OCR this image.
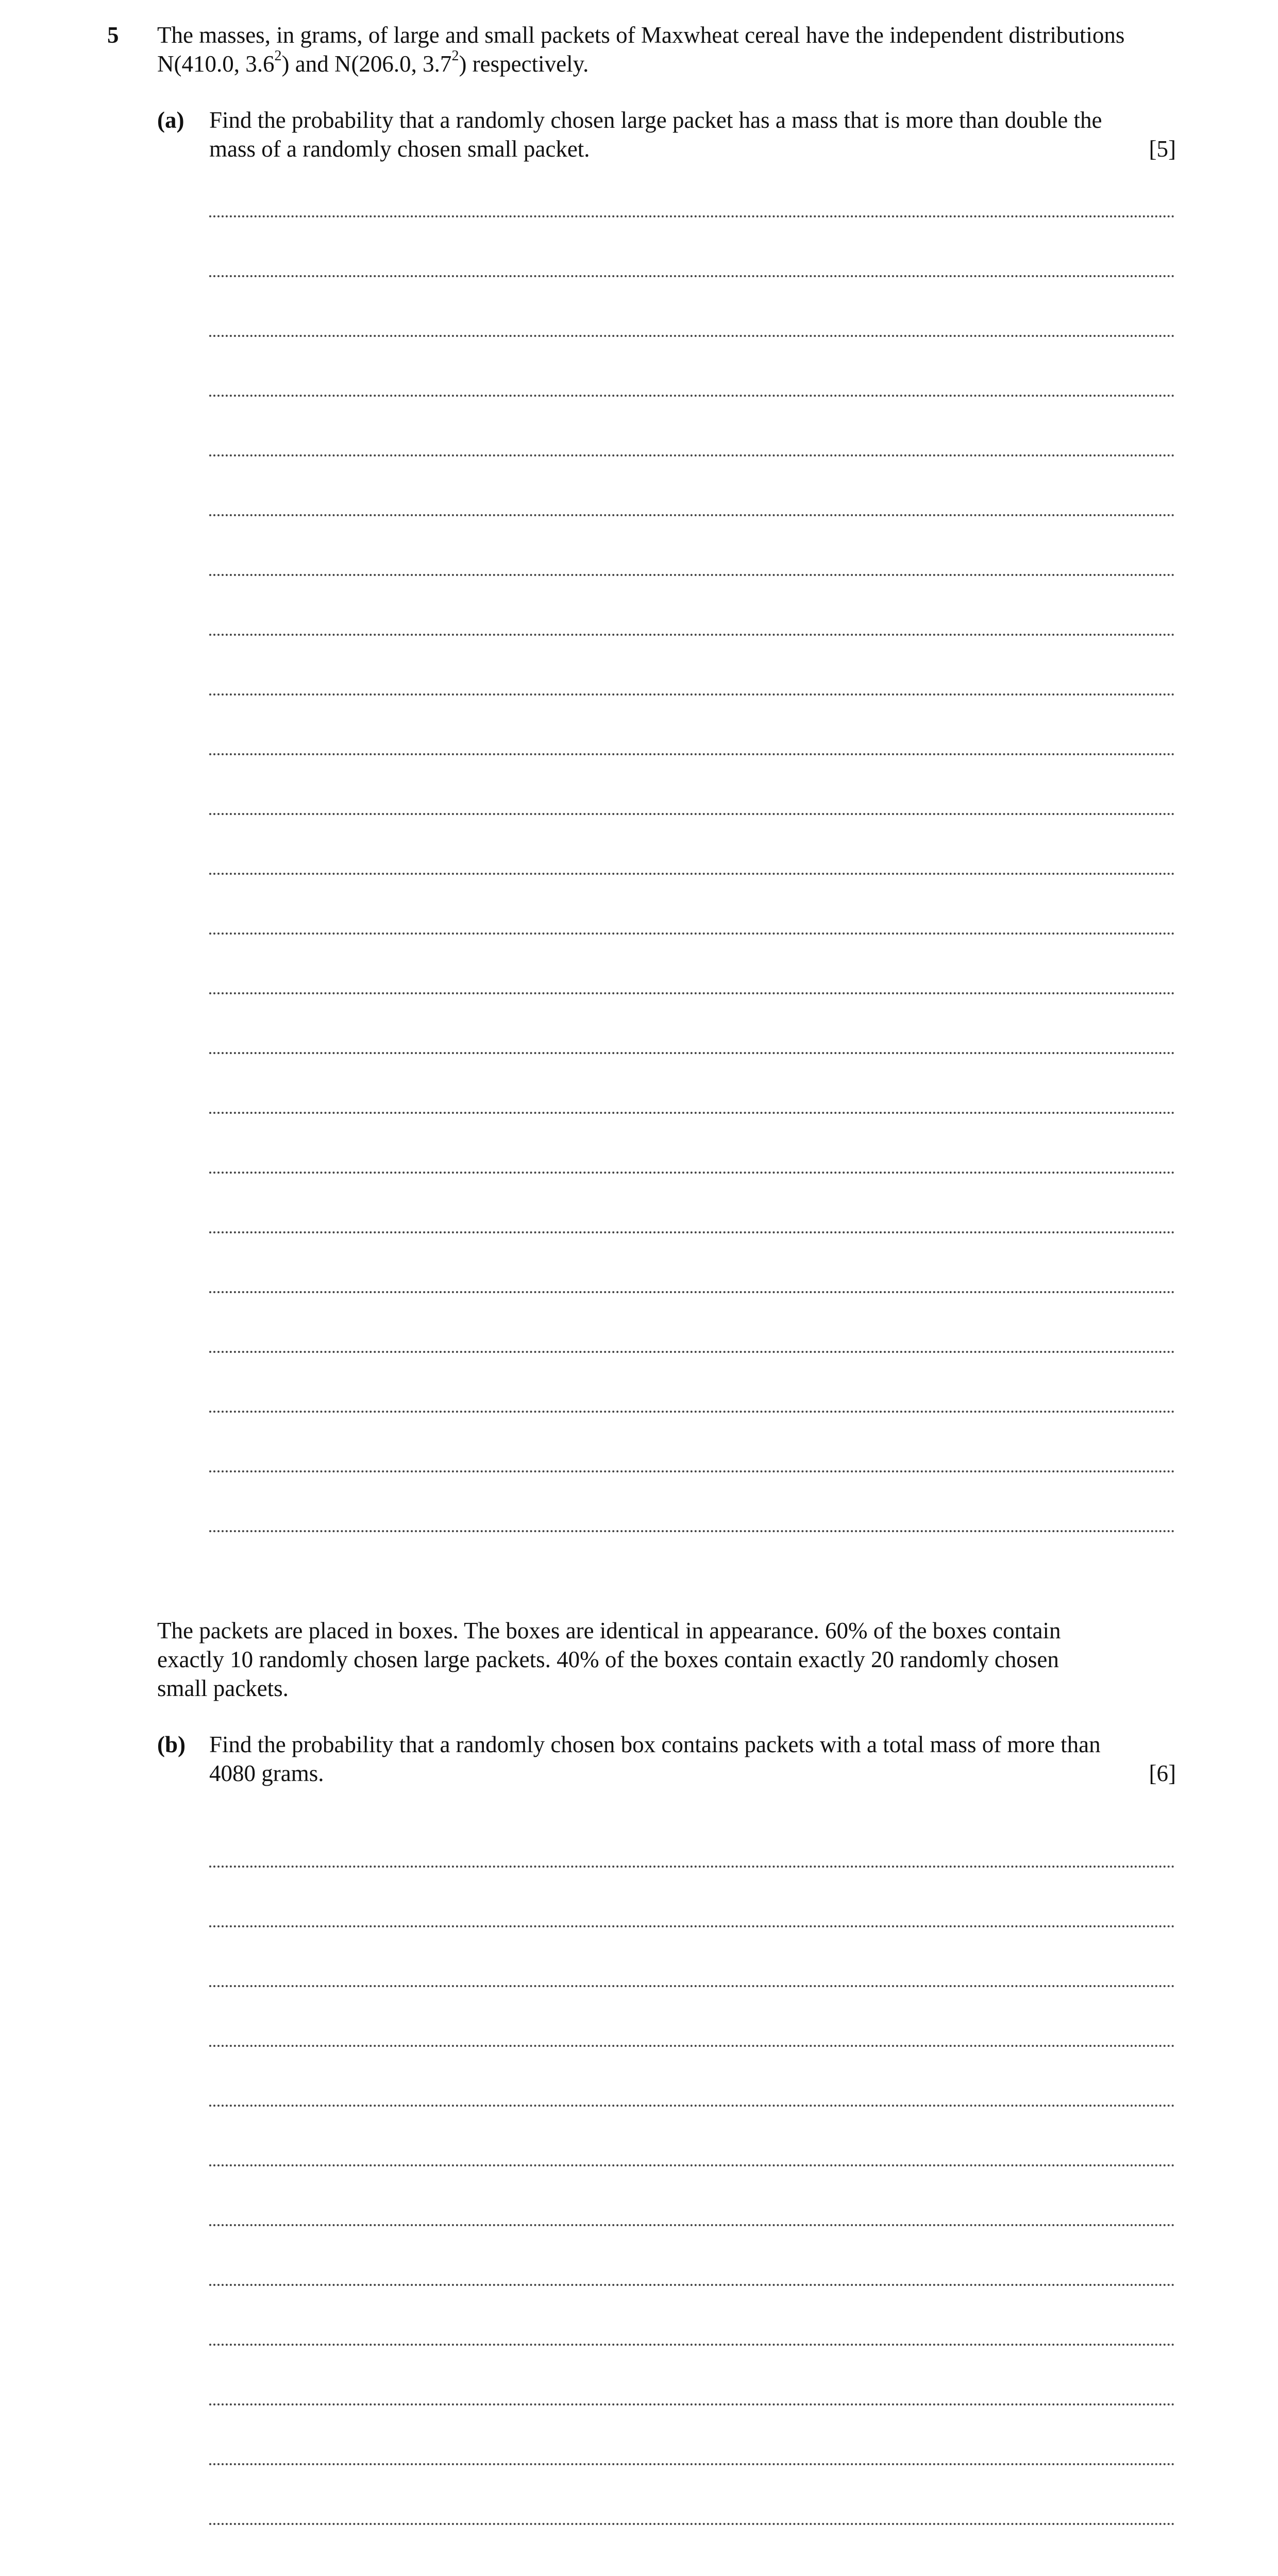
5 The masses, in grams, of large and small packets of Maxwheat cereal have the independent distributions
N(410.0, $3.6^2$) and N(206.0, $3.7^2$) respectively.
(a) Find the probability that a randomly chosen large packet has a mass that is more than double the
mass of a randomly chosen small packet.	[5]
The packets are placed in boxes. The boxes are identical in appearance. 60% of the boxes contain
exactly 10 randomly chosen large packets. 40% of the boxes contain exactly 20 randomly chosen
small packets.
(b) Find the probability that a randomly chosen box contains packets with a total mass of more than
4080 grams.	[6]
